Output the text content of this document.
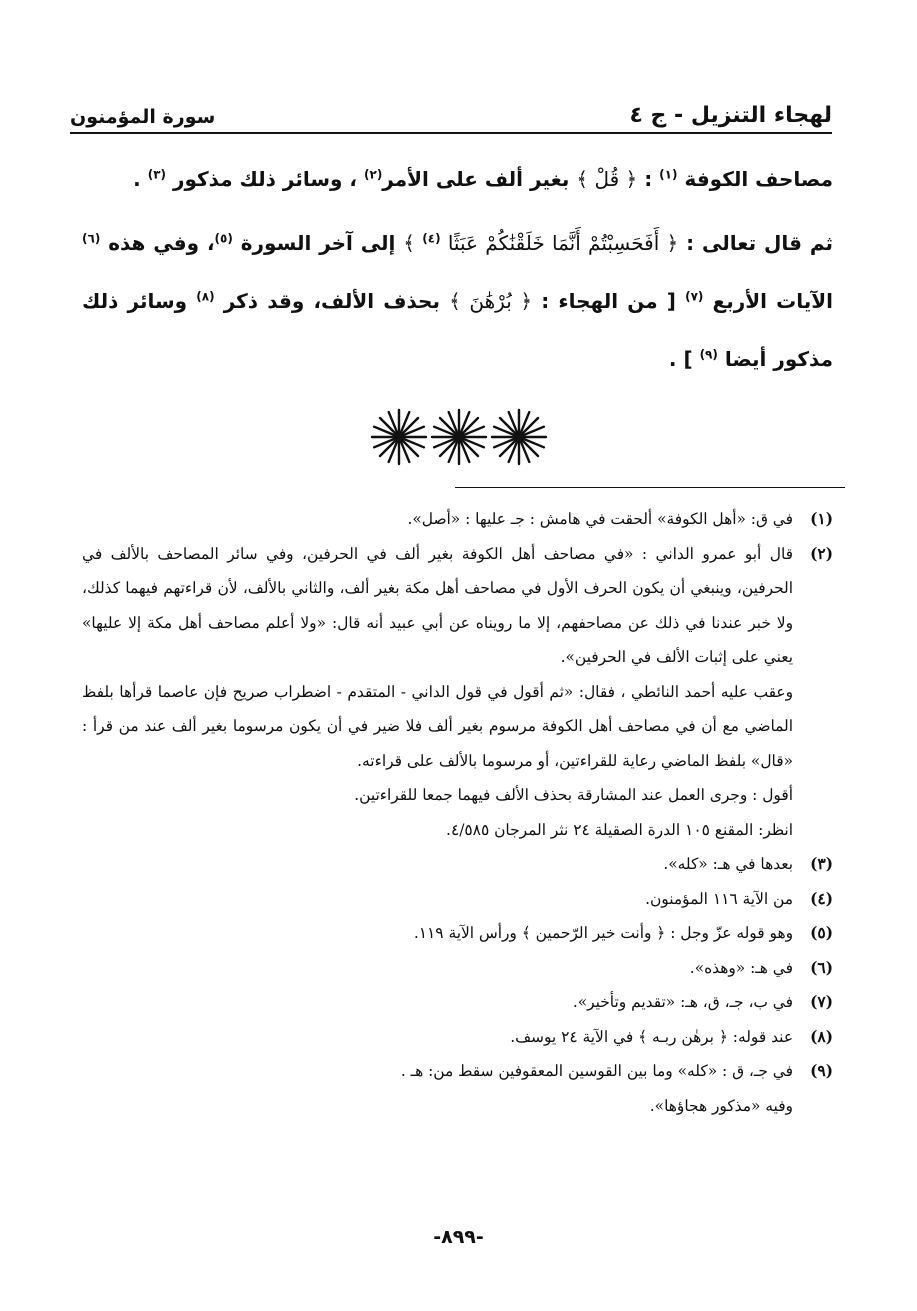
لهجاء التنزيل - ج ٤
سورة المؤمنون

مصاحف الكوفة $^{(١)}$ : ﴿ قُلْ ﴾ بغير ألف على الأمر$^{(٢)}$ ، وسائر ذلك مذكور $^{(٣)}$ .

ثم قال تعالى : ﴿ أَفَحَسِبْتُمْ أَنَّمَا خَلَقْنَٰكُمْ عَبَثًا $^{(٤)}$ ﴾ إلى آخر السورة $^{(٥)}$، وفي هذه $^{(٦)}$ الآيات الأربع $^{(٧)}$ [ من الهجاء : ﴿ بُرْهَٰنَ ﴾ بحذف الألف، وقد ذكر $^{(٨)}$ وسائر ذلك مذكور أيضا $^{(٩)}$ ] .

(١)
في ق: «أهل الكوفة» ألحقت في هامش : جـ عليها : «أصل».
(٢)
قال أبو عمرو الداني : «في مصاحف أهل الكوفة بغير ألف في الحرفين، وفي سائر المصاحف بالألف في الحرفين، وينبغي أن يكون الحرف الأول في مصاحف أهل مكة بغير ألف، والثاني بالألف، لأن قراءتهم فيهما كذلك، ولا خبر عندنا في ذلك عن مصاحفهم، إلا ما رويناه عن أبي عبيد أنه قال: «ولا أعلم مصاحف أهل مكة إلا عليها» يعني على إثبات الألف في الحرفين».
وعقب عليه أحمد النائطي ، فقال: «ثم أقول في قول الداني - المتقدم - اضطراب صريح فإن عاصما قرأها بلفظ الماضي مع أن في مصاحف أهل الكوفة مرسوم بغير ألف فلا ضير في أن يكون مرسوما بغير ألف عند من قرأ : «قال» بلفظ الماضي رعاية للقراءتين، أو مرسوما بالألف على قراءته.
أقول : وجرى العمل عند المشارقة بحذف الألف فيهما جمعا للقراءتين.
انظر: المقنع ١٠٥ الدرة الصقيلة ٢٤ نثر المرجان ٤/٥٨٥.
(٣)
بعدها في هـ: «كله».
(٤)
من الآية ١١٦ المؤمنون.
(٥)
وهو قوله عزّ وجل : ﴿ وأنت خير الرّحمين ﴾ ورأس الآية ١١٩.
(٦)
في هـ: «وهذه».
(٧)
في ب، جـ، ق، هـ: «تقديم وتأخير».
(٨)
عند قوله: ﴿ برهٰن ربـه ﴾ في الآية ٢٤ يوسف.
(٩)
في جـ، ق : «كله» وما بين القوسين المعقوفين سقط من: هـ .
وفيه «مذكور هجاؤها».
-٨٩٩-
